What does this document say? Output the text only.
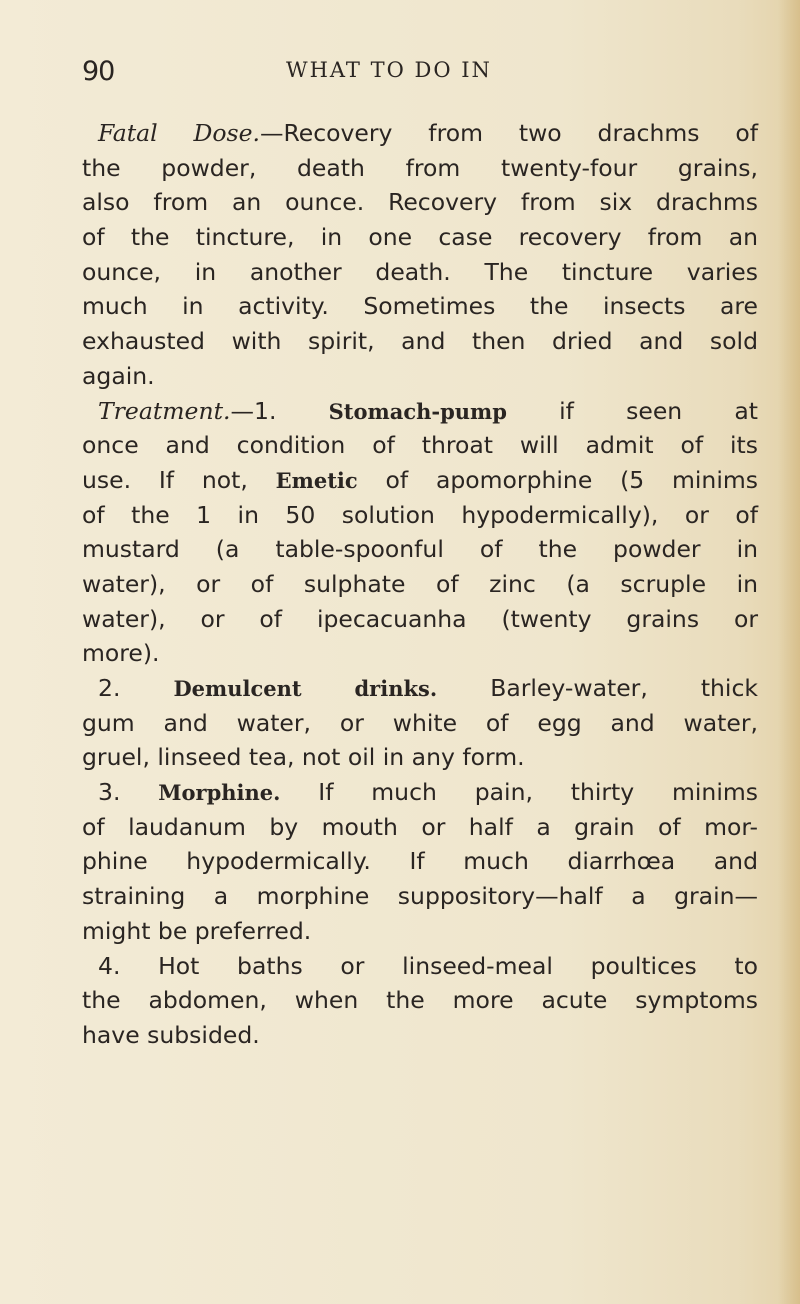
90	WHAT TO DO IN
Fatal Dose.—Recovery from two drachms of
the powder, death from twenty-four grains,
also from an ounce. Recovery from six drachms
of the tincture, in one case recovery from an
ounce, in another death. The tincture varies
much in activity. Sometimes the insects are
exhausted with spirit, and then dried and sold
again.
Treatment.—1. Stomach-pump if seen at
once and condition of throat will admit of its
use. If not, Emetic of apomorphine (5 minims
of the 1 in 50 solution hypodermically), or of
mustard (a table-spoonful of the powder in
water), or of sulphate of zinc (a scruple in
water), or of ipecacuanha (twenty grains or
more).
2. Demulcent drinks. Barley-water, thick
gum and water, or white of egg and water,
gruel, linseed tea, not oil in any form.
3. Morphine. If much pain, thirty minims
of laudanum by mouth or half a grain of mor-
phine hypodermically. If much diarrhœa and
straining a morphine suppository—half a grain—
might be preferred.
4. Hot baths or linseed-meal poultices to
the abdomen, when the more acute symptoms
have subsided.
